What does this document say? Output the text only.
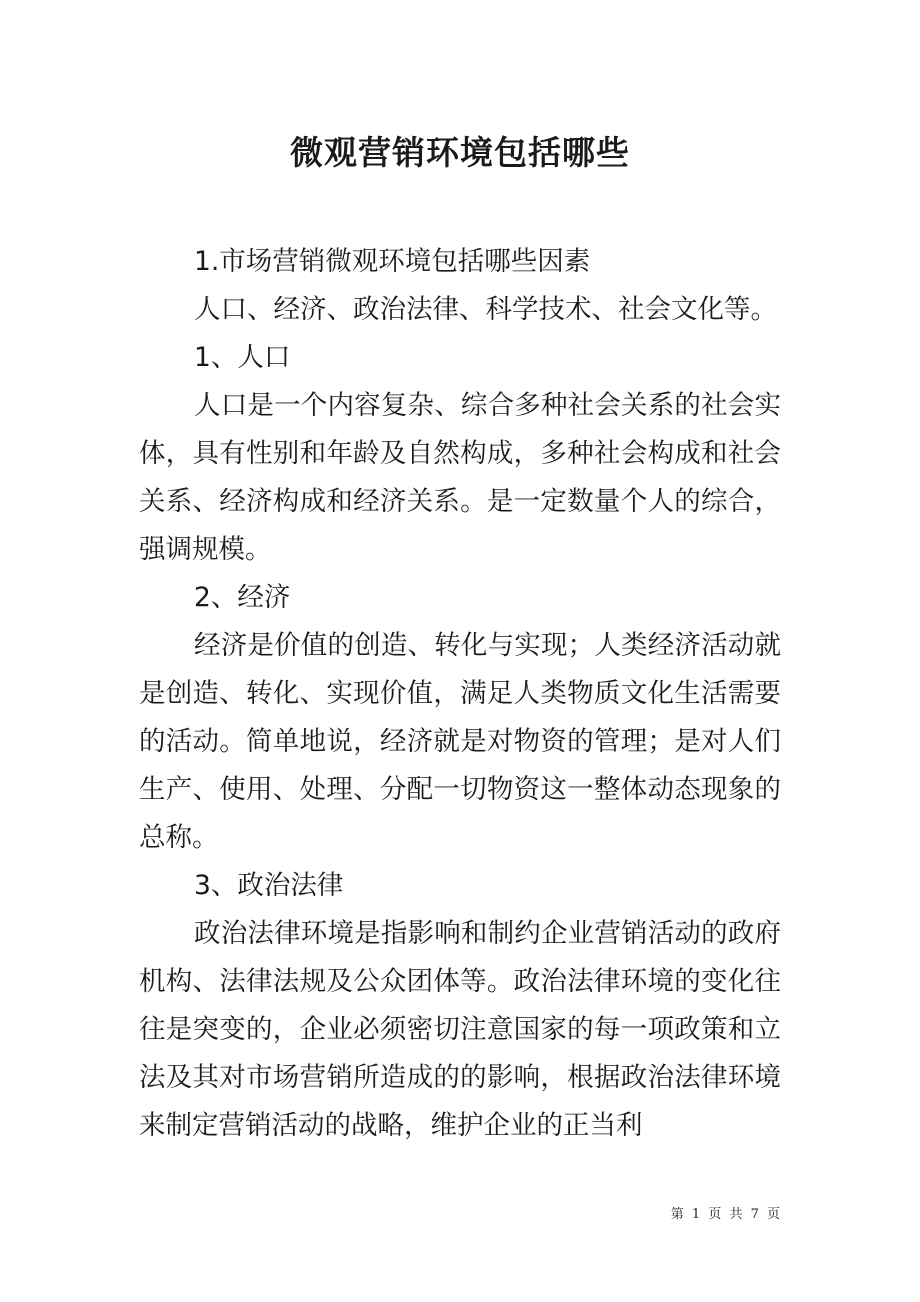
微观营销环境包括哪些

1.市场营销微观环境包括哪些因素

人口、经济、政治法律、科学技术、社会文化等。

1、人口

人口是一个内容复杂、综合多种社会关系的社会实体，具有性别和年龄及自然构成，多种社会构成和社会关系、经济构成和经济关系。是一定数量个人的综合，强调规模。

2、经济

经济是价值的创造、转化与实现；人类经济活动就是创造、转化、实现价值，满足人类物质文化生活需要的活动。简单地说，经济就是对物资的管理；是对人们生产、使用、处理、分配一切物资这一整体动态现象的总称。

3、政治法律

政治法律环境是指影响和制约企业营销活动的政府机构、法律法规及公众团体等。政治法律环境的变化往往是突变的，企业必须密切注意国家的每一项政策和立法及其对市场营销所造成的的影响，根据政治法律环境来制定营销活动的战略，维护企业的正当利

第 1 页 共 7 页
